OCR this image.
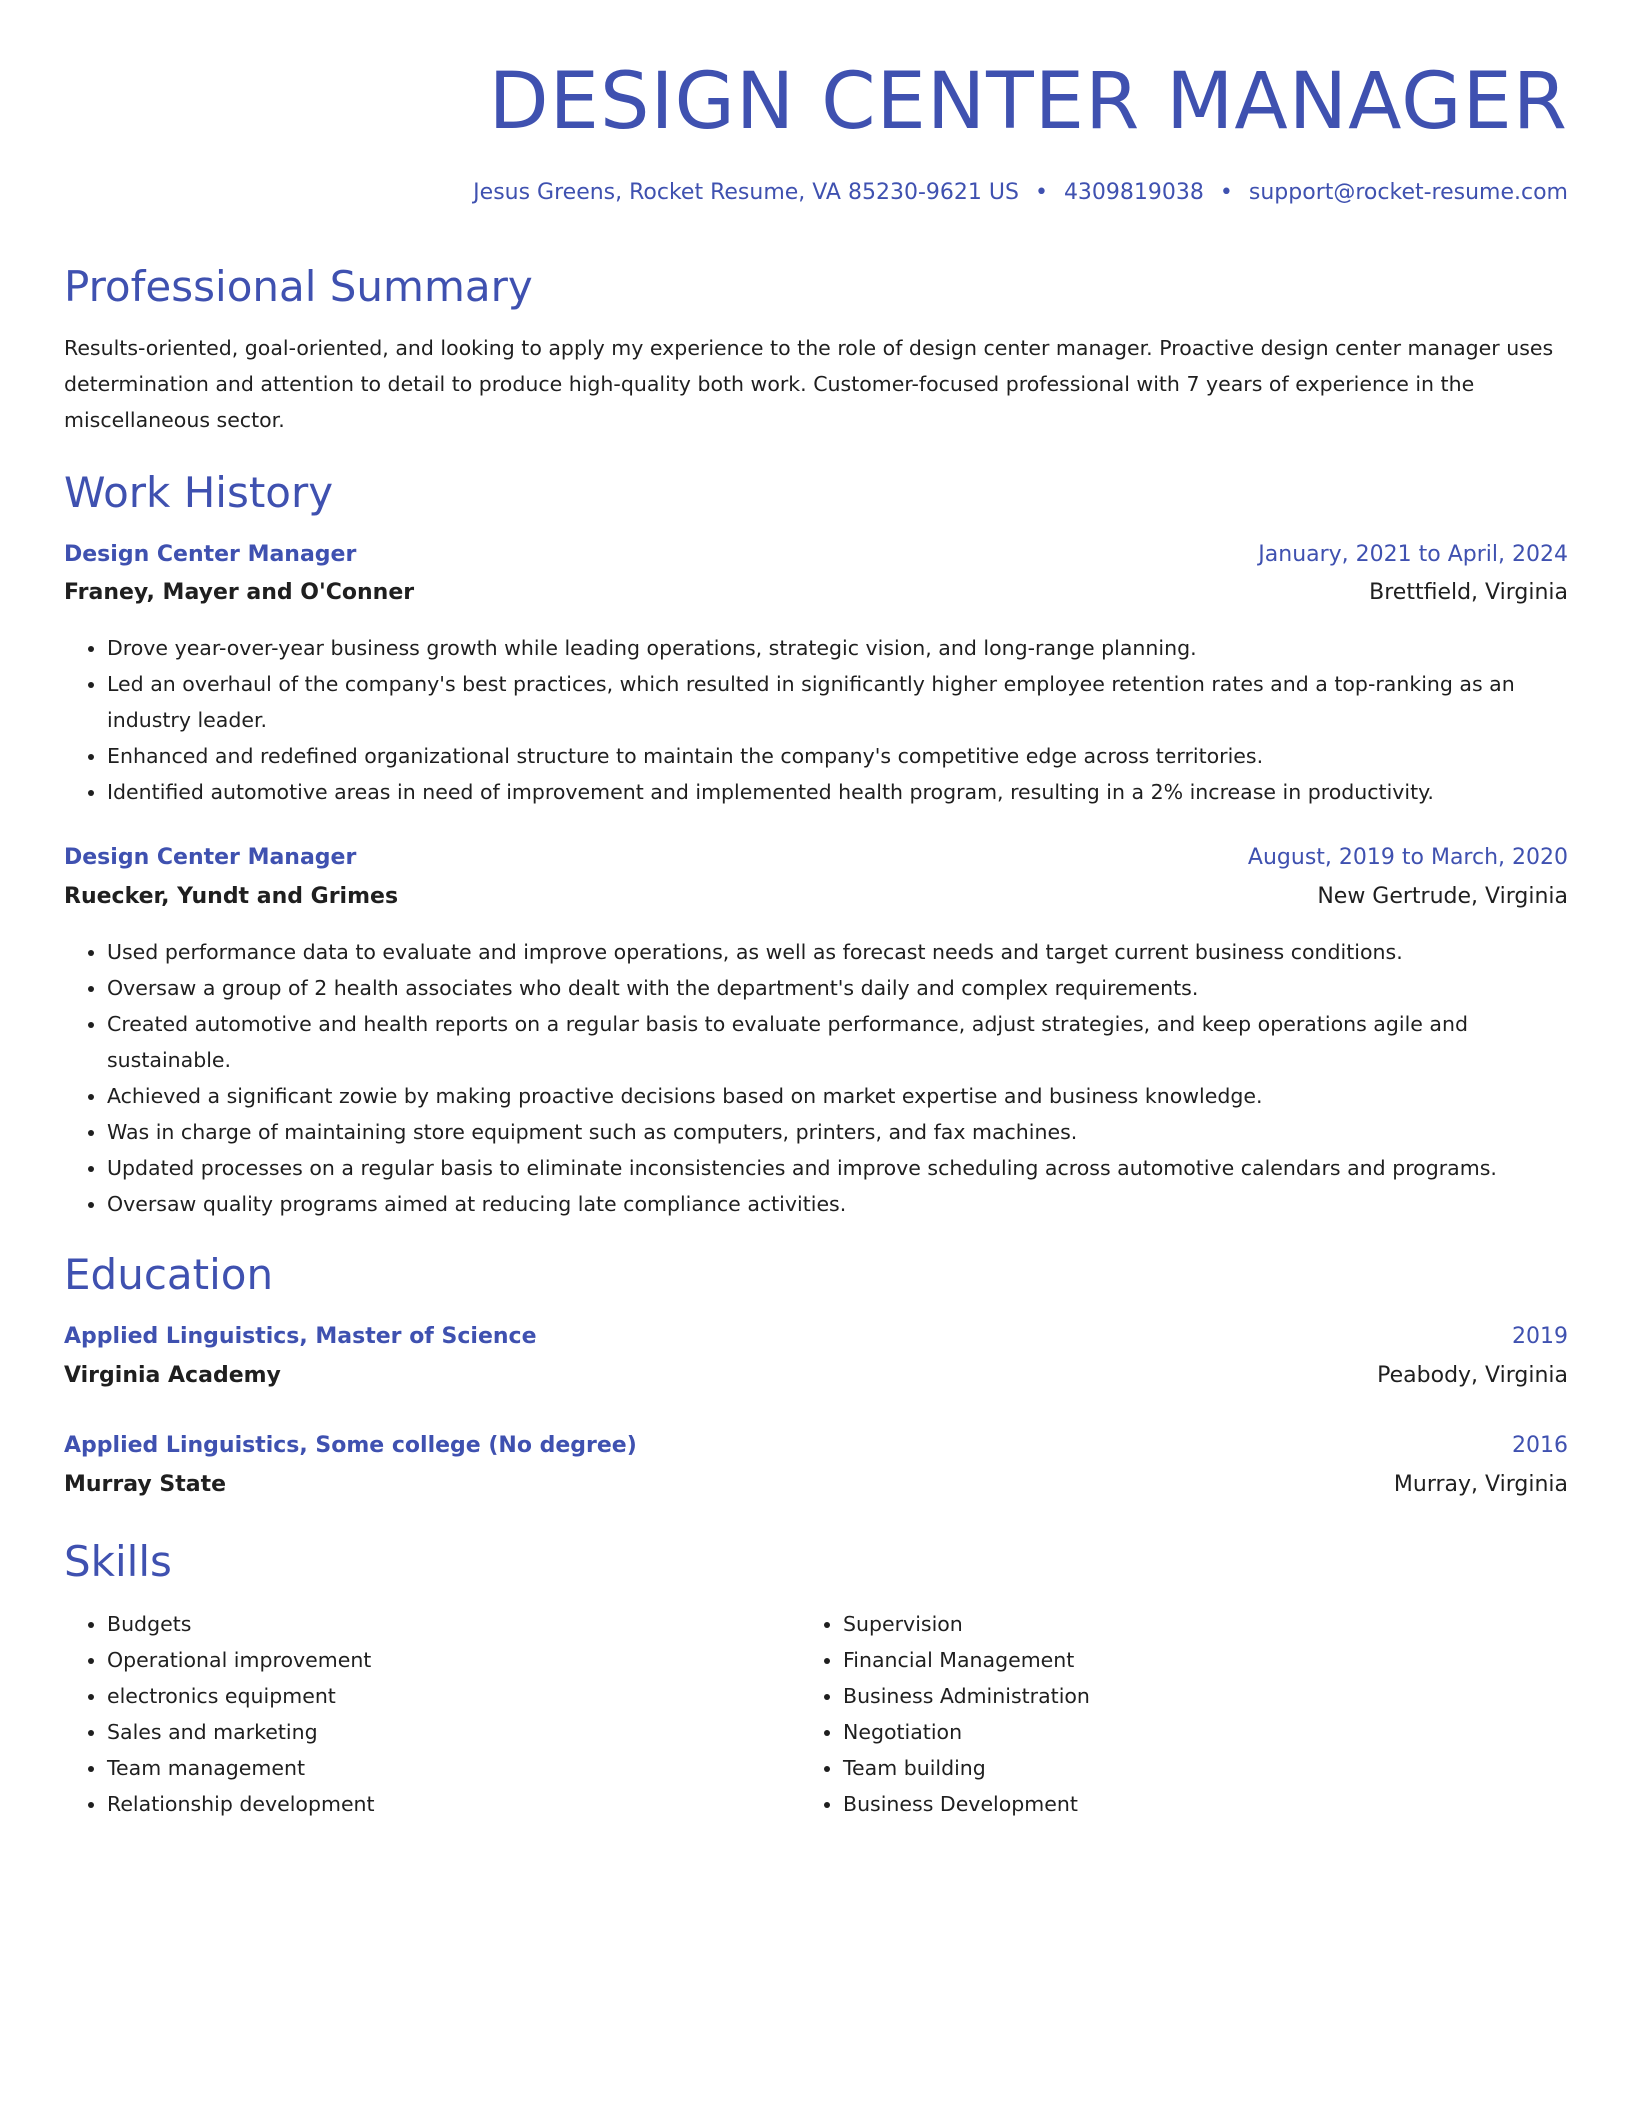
DESIGN CENTER MANAGER
Jesus Greens, Rocket Resume, VA 85230-9621 US • 4309819038 • support@rocket-resume.com
Professional Summary

Results-oriented, goal-oriented, and looking to apply my experience to the role of design center manager. Proactive design center manager uses determination and attention to detail to produce high-quality both work. Customer-focused professional with 7 years of experience in the miscellaneous sector.

Work History
Design Center Manager	January, 2021 to April, 2024
Franey, Mayer and O'Conner	Brettfield, Virginia
• Drove year-over-year business growth while leading operations, strategic vision, and long-range planning.
• Led an overhaul of the company's best practices, which resulted in significantly higher employee retention rates and a top-ranking as an industry leader.
• Enhanced and redefined organizational structure to maintain the company's competitive edge across territories.
• Identified automotive areas in need of improvement and implemented health program, resulting in a 2% increase in productivity.
Design Center Manager	August, 2019 to March, 2020
Ruecker, Yundt and Grimes	New Gertrude, Virginia
• Used performance data to evaluate and improve operations, as well as forecast needs and target current business conditions.
• Oversaw a group of 2 health associates who dealt with the department's daily and complex requirements.
• Created automotive and health reports on a regular basis to evaluate performance, adjust strategies, and keep operations agile and sustainable.
• Achieved a significant zowie by making proactive decisions based on market expertise and business knowledge.
• Was in charge of maintaining store equipment such as computers, printers, and fax machines.
• Updated processes on a regular basis to eliminate inconsistencies and improve scheduling across automotive calendars and programs.
• Oversaw quality programs aimed at reducing late compliance activities.
Education
Applied Linguistics, Master of Science	2019
Virginia Academy	Peabody, Virginia
Applied Linguistics, Some college (No degree)	2016
Murray State	Murray, Virginia
Skills
• Budgets
• Operational improvement
• electronics equipment
• Sales and marketing
• Team management
• Relationship development
• Supervision
• Financial Management
• Business Administration
• Negotiation
• Team building
• Business Development
